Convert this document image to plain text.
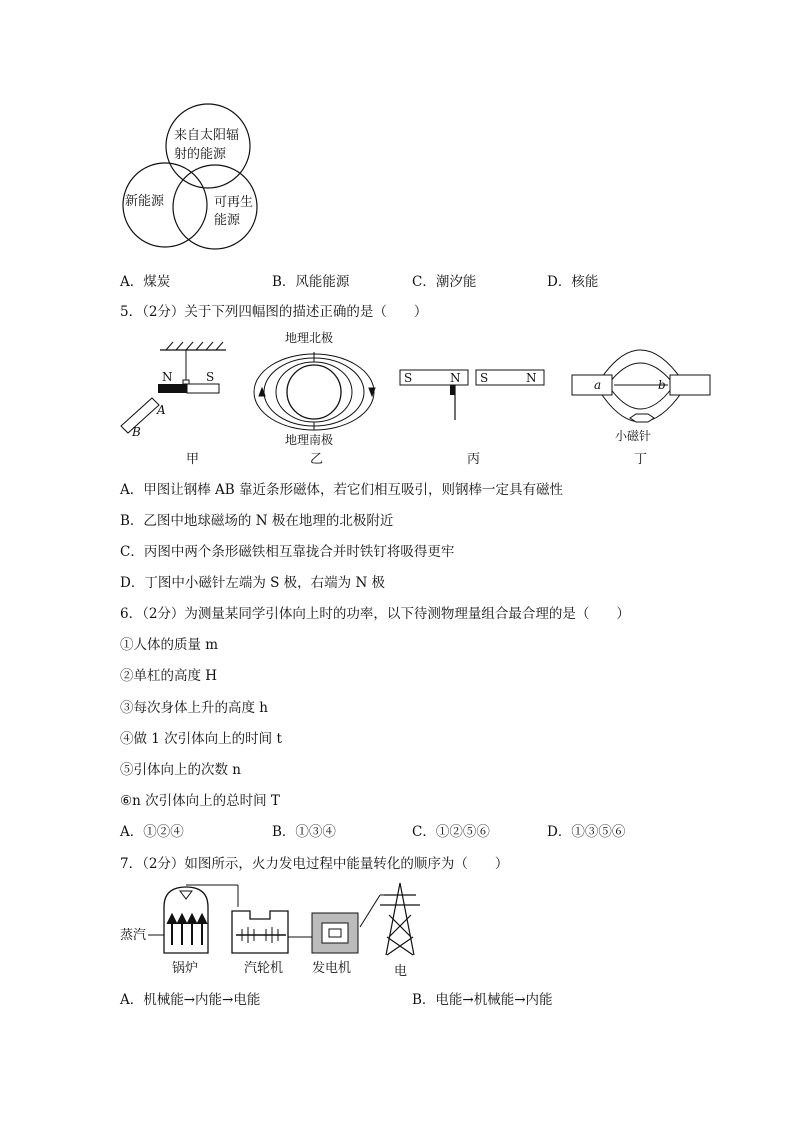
来自太阳辐
射的能源
新能源	可再生
能源
A．煤炭	B．风能能源	C．潮汐能	D．核能
5．（2分）关于下列四幅图的描述正确的是（　　）
N	S
A
B
甲
地理北极
地理南极
乙
S	N S	N
丙
a	b
小磁针
丁
A．甲图让钢棒 AB 靠近条形磁体，若它们相互吸引，则钢棒一定具有磁性
B．乙图中地球磁场的 N 极在地理的北极附近
C．丙图中两个条形磁铁相互靠拢合并时铁钉将吸得更牢
D．丁图中小磁针左端为 S 极，右端为 N 极
6．（2分）为测量某同学引体向上时的功率，以下待测物理量组合最合理的是（　　）
①人体的质量 m
②单杠的高度 H
③每次身体上升的高度 h
④做 1 次引体向上的时间 t
⑤引体向上的次数 n
⑥n 次引体向上的总时间 T
A．①②④	B．①③④	C．①②⑤⑥	D．①③⑤⑥
7．（2分）如图所示，火力发电过程中能量转化的顺序为（　　）
蒸汽
锅炉	汽轮机 发电机	电
A．机械能→内能→电能	B．电能→机械能→内能
